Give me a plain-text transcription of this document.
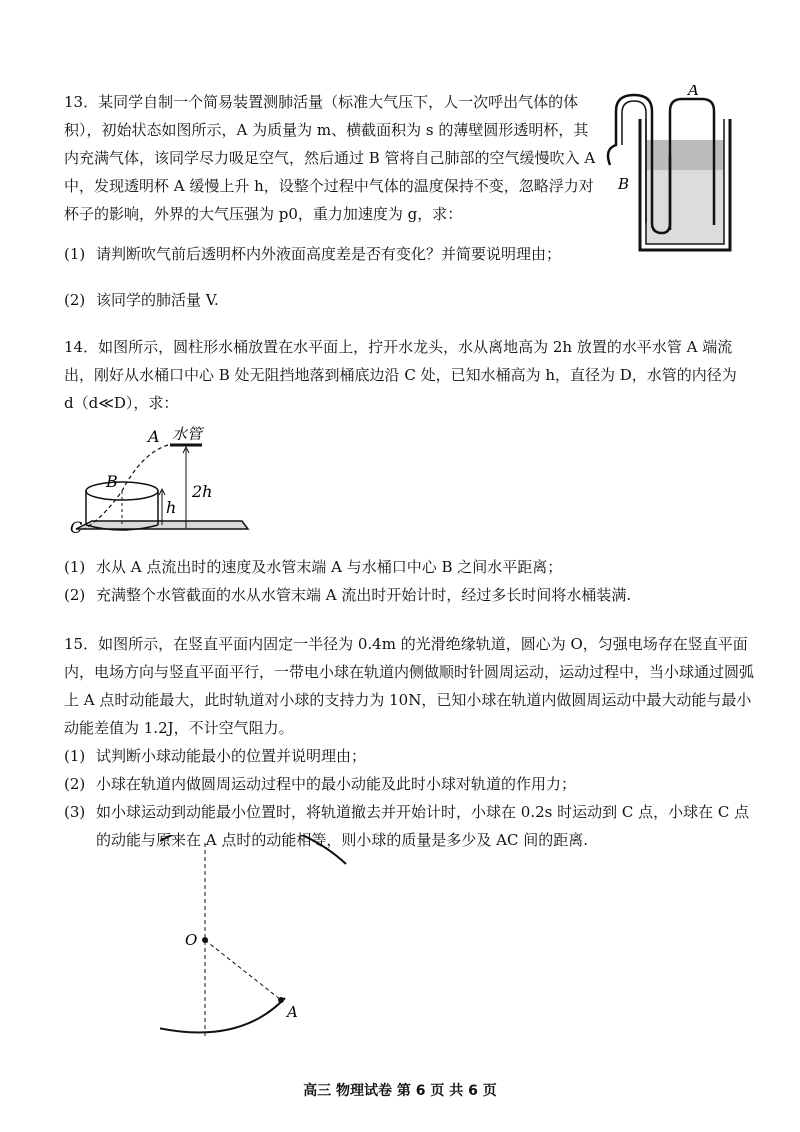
13．某同学自制一个简易装置测肺活量（标准大气压下，人一次呼出气体的体积），初始状态如图所示，A 为质量为 m、横截面积为 s 的薄壁圆形透明杯，其内充满气体，该同学尽力吸足空气，然后通过 B 管将自己肺部的空气缓慢吹入 A 中，发现透明杯 A 缓慢上升 h，设整个过程中气体的温度保持不变，忽略浮力对杯子的影响，外界的大气压强为 p0，重力加速度为 g，求：

(1) 请判断吹气前后透明杯内外液面高度差是否有变化？并简要说明理由；
(2) 该同学的肺活量 V.
A
B

14．如图所示，圆柱形水桶放置在水平面上，拧开水龙头，水从离地高为 2h 放置的水平水管 A 端流出，刚好从水桶口中心 B 处无阻挡地落到桶底边沿 C 处，已知水桶高为 h，直径为 D，水管的内径为 d（d≪D），求：

A 水管
B
C
h
2h
(1) 水从 A 点流出时的速度及水管末端 A 与水桶口中心 B 之间水平距离；
(2) 充满整个水管截面的水从水管末端 A 流出时开始计时，经过多长时间将水桶装满.
15．如图所示，在竖直平面内固定一半径为 0.4m 的光滑绝缘轨道，圆心为 O，匀强电场存在竖直平面内，电场方向与竖直平面平行，一带电小球在轨道内侧做顺时针圆周运动，运动过程中，当小球通过圆弧上 A 点时动能最大，此时轨道对小球的支持力为 10N，已知小球在轨道内做圆周运动中最大动能与最小动能差值为 1.2J，不计空气阻力。
(1) 试判断小球动能最小的位置并说明理由；
(2) 小球在轨道内做圆周运动过程中的最小动能及此时小球对轨道的作用力；
(3) 如小球运动到动能最小位置时，将轨道撤去并开始计时，小球在 0.2s 时运动到 C 点，小球在 C 点的动能与原来在 A 点时的动能相等，则小球的质量是多少及 AC 间的距离.
O
A
高三 物理试卷 第 6 页 共 6 页
